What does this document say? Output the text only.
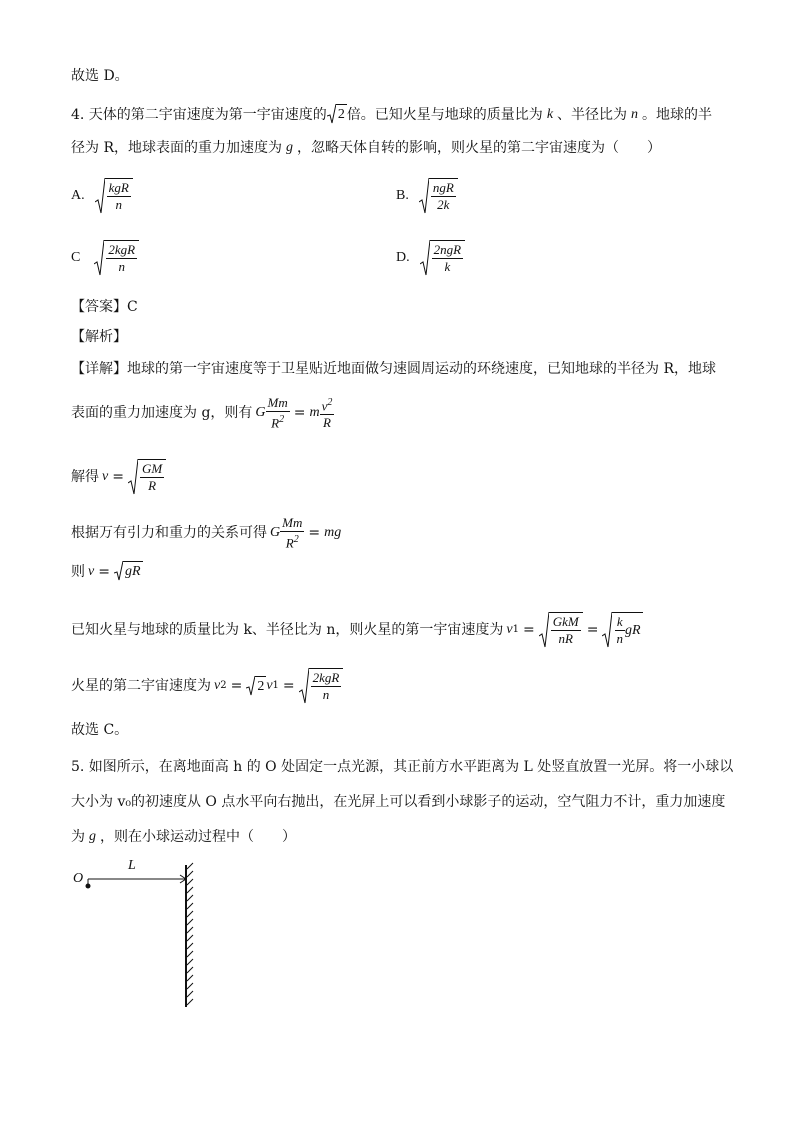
故选 D。
4. 天体的第二宇宙速度为第一宇宙速度的 2 倍。已知火星与地球的质量比为 k 、半径比为 n 。地球的半
径为 R，地球表面的重力加速度为 g ，忽略天体自转的影响，则火星的第二宇宙速度为（　　）
A. $\frac{\text{kgR}}{n}$	B. $\frac{\text{ngR}}{2k}$
C $\frac{\text{2kgR}}{n}$	D. $\frac{\text{2ngR}}{k}$
【答案】C
【解析】
【详解】地球的第一宇宙速度等于卫星贴近地面做匀速圆周运动的环绕速度，已知地球的半径为 R，地球
表面的重力加速度为 g，则有 G $\frac{Mm}{R^2} = m \frac{v^2}{R}$
解得 $v = \frac{GM}{R}$
根据万有引力和重力的关系可得 G $\frac{Mm}{R^2}$ = mg
则 v = gR
已知火星与地球的质量比为 k、半径比为 n，则火星的第一宇宙速度为 v $1 = \frac{\text{GkM}}{nR} = \frac{k}{n}$ gR
火星的第二宇宙速度为 v 2 = 2 v $1 = \frac{\text{2kgR}}{n}$
故选 C。
5. 如图所示，在离地面高 h 的 O 处固定一点光源，其正前方水平距离为 L 处竖直放置一光屏。将一小球以
大小为 v₀的初速度从 O 点水平向右抛出，在光屏上可以看到小球影子的运动，空气阻力不计，重力加速度
为 g ，则在小球运动过程中（　　）
O
L
